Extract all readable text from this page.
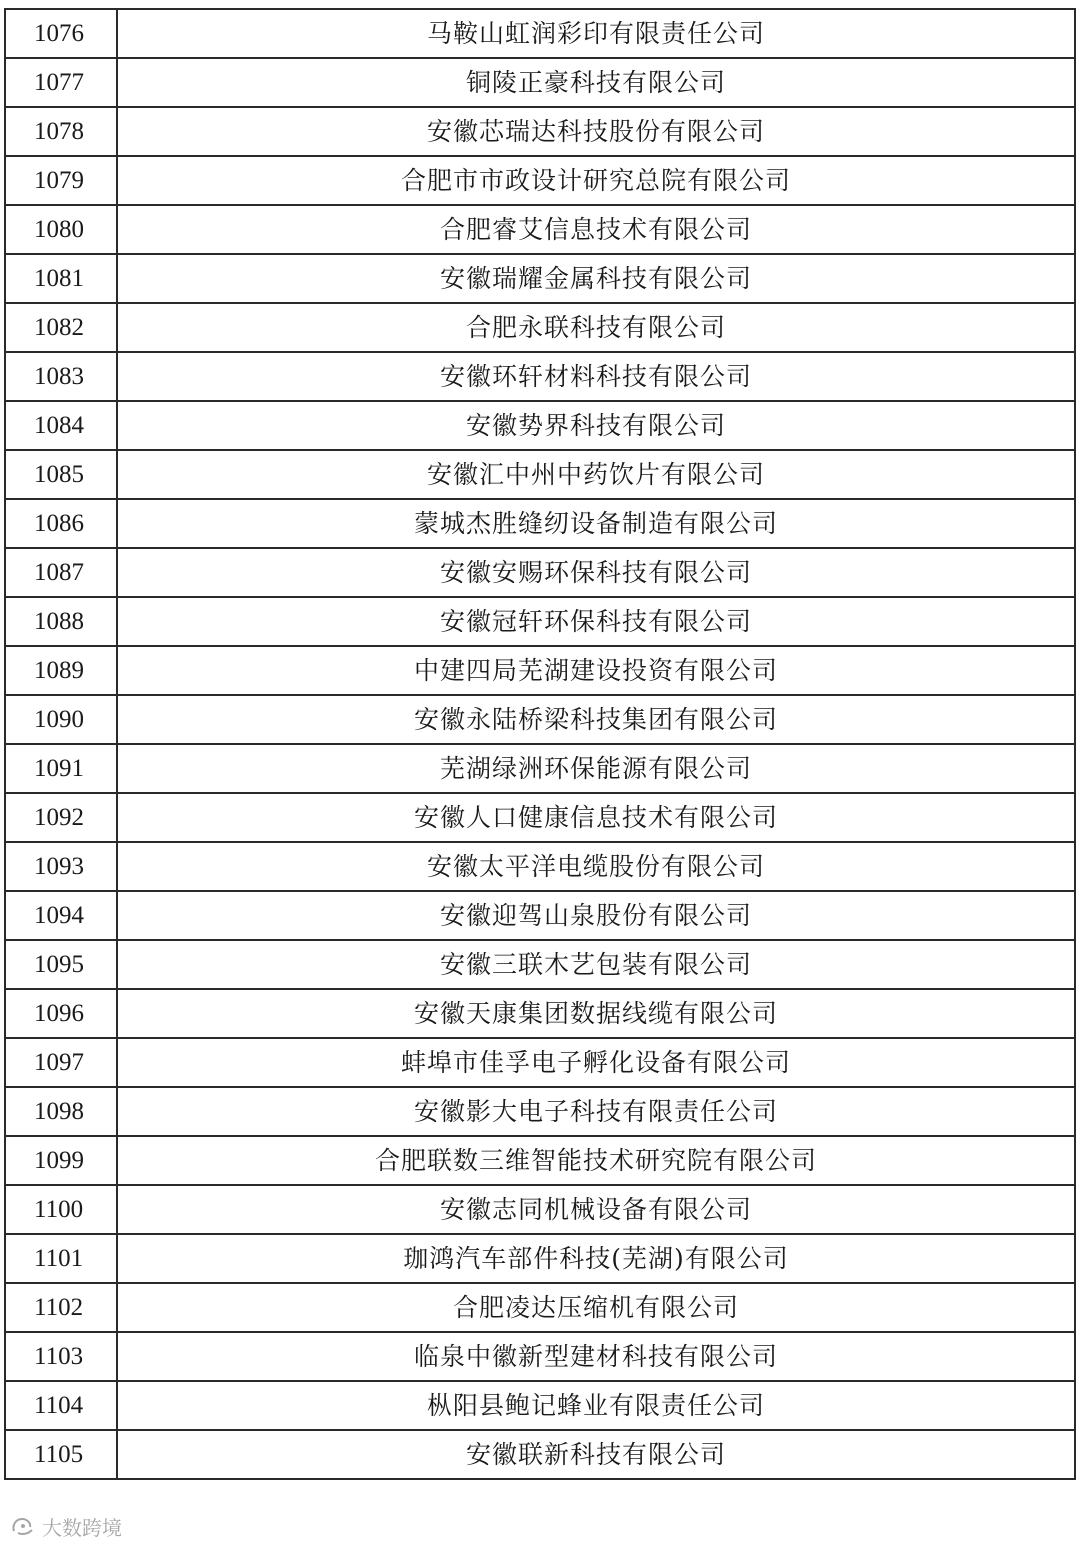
1076	马鞍山虹润彩印有限责任公司
1077	铜陵正豪科技有限公司
1078	安徽芯瑞达科技股份有限公司
1079	合肥市市政设计研究总院有限公司
1080	合肥睿艾信息技术有限公司
1081	安徽瑞耀金属科技有限公司
1082	合肥永联科技有限公司
1083	安徽环轩材料科技有限公司
1084	安徽势界科技有限公司
1085	安徽汇中州中药饮片有限公司
1086	蒙城杰胜缝纫设备制造有限公司
1087	安徽安赐环保科技有限公司
1088	安徽冠轩环保科技有限公司
1089	中建四局芜湖建设投资有限公司
1090	安徽永陆桥梁科技集团有限公司
1091	芜湖绿洲环保能源有限公司
1092	安徽人口健康信息技术有限公司
1093	安徽太平洋电缆股份有限公司
1094	安徽迎驾山泉股份有限公司
1095	安徽三联木艺包装有限公司
1096	安徽天康集团数据线缆有限公司
1097	蚌埠市佳孚电子孵化设备有限公司
1098	安徽影大电子科技有限责任公司
1099	合肥联数三维智能技术研究院有限公司
1100	安徽志同机械设备有限公司
1101	珈鸿汽车部件科技(芜湖)有限公司
1102	合肥凌达压缩机有限公司
1103	临泉中徽新型建材科技有限公司
1104	枞阳县鲍记蜂业有限责任公司
1105	安徽联新科技有限公司
大数跨境
